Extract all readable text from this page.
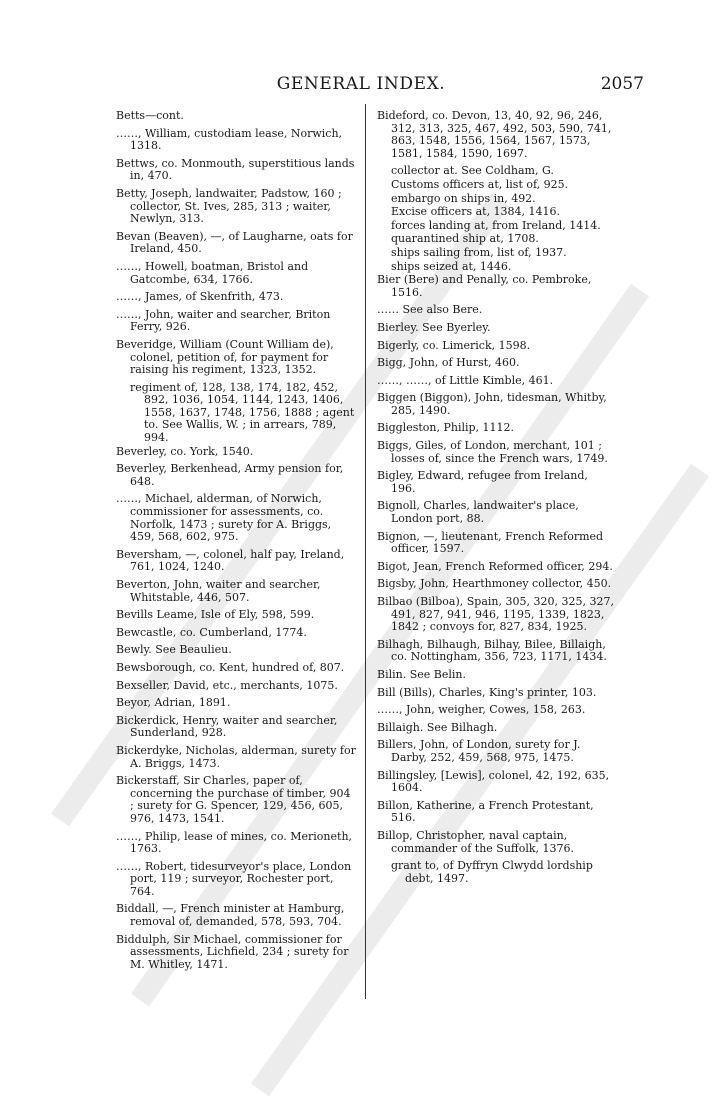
GENERAL INDEX.	2057
Betts—cont.
……, William, custodiam lease, Norwich, 1318.
Bettws, co. Monmouth, superstitious lands in, 470.
Betty, Joseph, landwaiter, Padstow, 160 ; collector, St. Ives, 285, 313 ; waiter, Newlyn, 313.
Bevan (Beaven), —, of Laugharne, oats for Ireland, 450.
……, Howell, boatman, Bristol and Gatcombe, 634, 1766.
……, James, of Skenfrith, 473.
……, John, waiter and searcher, Briton Ferry, 926.
Beveridge, William (Count William de), colonel, petition of, for payment for raising his regiment, 1323, 1352.
regiment of, 128, 138, 174, 182, 452, 892, 1036, 1054, 1144, 1243, 1406, 1558, 1637, 1748, 1756, 1888 ; agent to. See Wallis, W. ; in arrears, 789, 994.
Beverley, co. York, 1540.
Beverley, Berkenhead, Army pension for, 648.
……, Michael, alderman, of Norwich, commissioner for assessments, co. Norfolk, 1473 ; surety for A. Briggs, 459, 568, 602, 975.
Beversham, —, colonel, half pay, Ireland, 761, 1024, 1240.
Beverton, John, waiter and searcher, Whitstable, 446, 507.
Bevills Leame, Isle of Ely, 598, 599.
Bewcastle, co. Cumberland, 1774.
Bewly. See Beaulieu.
Bewsborough, co. Kent, hundred of, 807.
Bexseller, David, etc., merchants, 1075.
Beyor, Adrian, 1891.
Bickerdick, Henry, waiter and searcher, Sunderland, 928.
Bickerdyke, Nicholas, alderman, surety for A. Briggs, 1473.
Bickerstaff, Sir Charles, paper of, concerning the purchase of timber, 904 ; surety for G. Spencer, 129, 456, 605, 976, 1473, 1541.
……, Philip, lease of mines, co. Merioneth, 1763.
……, Robert, tidesurveyor's place, London port, 119 ; surveyor, Rochester port, 764.
Biddall, —, French minister at Hamburg, removal of, demanded, 578, 593, 704.
Biddulph, Sir Michael, commissioner for assessments, Lichfield, 234 ; surety for M. Whitley, 1471.
Bideford, co. Devon, 13, 40, 92, 96, 246, 312, 313, 325, 467, 492, 503, 590, 741, 863, 1548, 1556, 1564, 1567, 1573, 1581, 1584, 1590, 1697.
collector at. See Coldham, G.
Customs officers at, list of, 925.
embargo on ships in, 492.
Excise officers at, 1384, 1416.
forces landing at, from Ireland, 1414.
quarantined ship at, 1708.
ships sailing from, list of, 1937.
ships seized at, 1446.
Bier (Bere) and Penally, co. Pembroke, 1516.
…… See also Bere.
Bierley. See Byerley.
Bigerly, co. Limerick, 1598.
Bigg, John, of Hurst, 460.
……, ……, of Little Kimble, 461.
Biggen (Biggon), John, tidesman, Whitby, 285, 1490.
Biggleston, Philip, 1112.
Biggs, Giles, of London, merchant, 101 ; losses of, since the French wars, 1749.
Bigley, Edward, refugee from Ireland, 196.
Bignoll, Charles, landwaiter's place, London port, 88.
Bignon, —, lieutenant, French Reformed officer, 1597.
Bigot, Jean, French Reformed officer, 294.
Bigsby, John, Hearthmoney collector, 450.
Bilbao (Bilboa), Spain, 305, 320, 325, 327, 491, 827, 941, 946, 1195, 1339, 1823, 1842 ; convoys for, 827, 834, 1925.
Bilhagh, Bilhaugh, Bilhay, Bilee, Billaigh, co. Nottingham, 356, 723, 1171, 1434.
Bilin. See Belin.
Bill (Bills), Charles, King's printer, 103.
……, John, weigher, Cowes, 158, 263.
Billaigh. See Bilhagh.
Billers, John, of London, surety for J. Darby, 252, 459, 568, 975, 1475.
Billingsley, [Lewis], colonel, 42, 192, 635, 1604.
Billon, Katherine, a French Protestant, 516.
Billop, Christopher, naval captain, commander of the Suffolk, 1376.
grant to, of Dyffryn Clwydd lordship debt, 1497.
